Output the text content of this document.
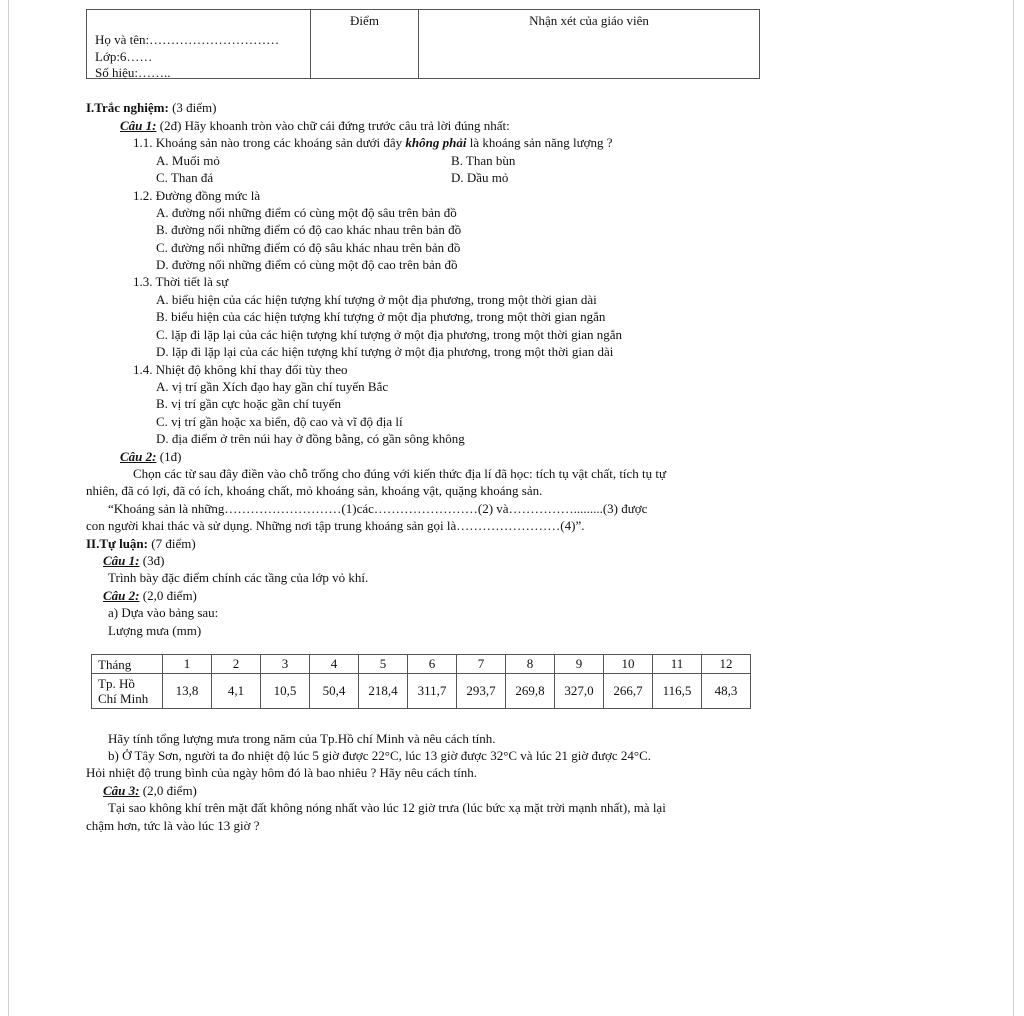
Họ và tên:…………………………
Lớp:6……
Số hiệu:……..
Điểm	Nhận xét của giáo viên
I.Trắc nghiệm: (3 điểm)
Câu 1: (2đ) Hãy khoanh tròn vào chữ cái đứng trước câu trả lời đúng nhất:
1.1. Khoáng sản nào trong các khoáng sản dưới đây không phải là khoáng sản năng lượng ?
A. Muối mỏ	B. Than bùn
C. Than đá	D. Dầu mỏ
1.2. Đường đồng mức là
A. đường nối những điểm có cùng một độ sâu trên bản đồ
B. đường nối những điểm có độ cao khác nhau trên bản đồ
C. đường nối những điểm có độ sâu khác nhau trên bản đồ
D. đường nối những điểm có cùng một độ cao trên bản đồ
1.3. Thời tiết là sự
A. biểu hiện của các hiện tượng khí tượng ở một địa phương, trong một thời gian dài
B. biểu hiện của các hiện tượng khí tượng ở một địa phương, trong một thời gian ngắn
C. lặp đi lặp lại của các hiện tượng khí tượng ở một địa phương, trong một thời gian ngắn
D. lặp đi lặp lại của các hiện tượng khí tượng ở một địa phương, trong một thời gian dài
1.4. Nhiệt độ không khí thay đổi tùy theo
A. vị trí gần Xích đạo hay gần chí tuyến Bắc
B. vị trí gần cực hoặc gần chí tuyến
C. vị trí gần hoặc xa biển, độ cao và vĩ độ địa lí
D. địa điểm ở trên núi hay ở đồng bằng, có gần sông không
Câu 2: (1đ)
Chọn các từ sau đây điền vào chỗ trống cho đúng với kiến thức địa lí đã học: tích tụ vật chất, tích tụ tự
nhiên, đã có lợi, đã có ích, khoáng chất, mỏ khoáng sản, khoáng vật, quặng khoáng sản.
“Khoáng sản là những………………………(1)các……………………(2) và…………….........(3) được
con người khai thác và sử dụng. Những nơi tập trung khoáng sản gọi là……………………(4)”.
II.Tự luận: (7 điểm)
Câu 1: (3đ)
Trình bày đặc điểm chính các tầng của lớp vỏ khí.
Câu 2: (2,0 điểm)
a) Dựa vào bảng sau:
Lượng mưa (mm)
Tháng	1	2	3	4	5	6	7	8	9	10	11	12
Tp. Hồ
Chí Minh	13,8	4,1	10,5	50,4	218,4	311,7	293,7	269,8	327,0	266,7	116,5	48,3
Hãy tính tổng lượng mưa trong năm của Tp.Hồ chí Minh và nêu cách tính.
b) Ở Tây Sơn, người ta đo nhiệt độ lúc 5 giờ được 22°C, lúc 13 giờ được 32°C và lúc 21 giờ được 24°C.
Hỏi nhiệt độ trung bình của ngày hôm đó là bao nhiêu ? Hãy nêu cách tính.
Câu 3: (2,0 điểm)
Tại sao không khí trên mặt đất không nóng nhất vào lúc 12 giờ trưa (lúc bức xạ mặt trời mạnh nhất), mà lại
chậm hơn, tức là vào lúc 13 giờ ?
